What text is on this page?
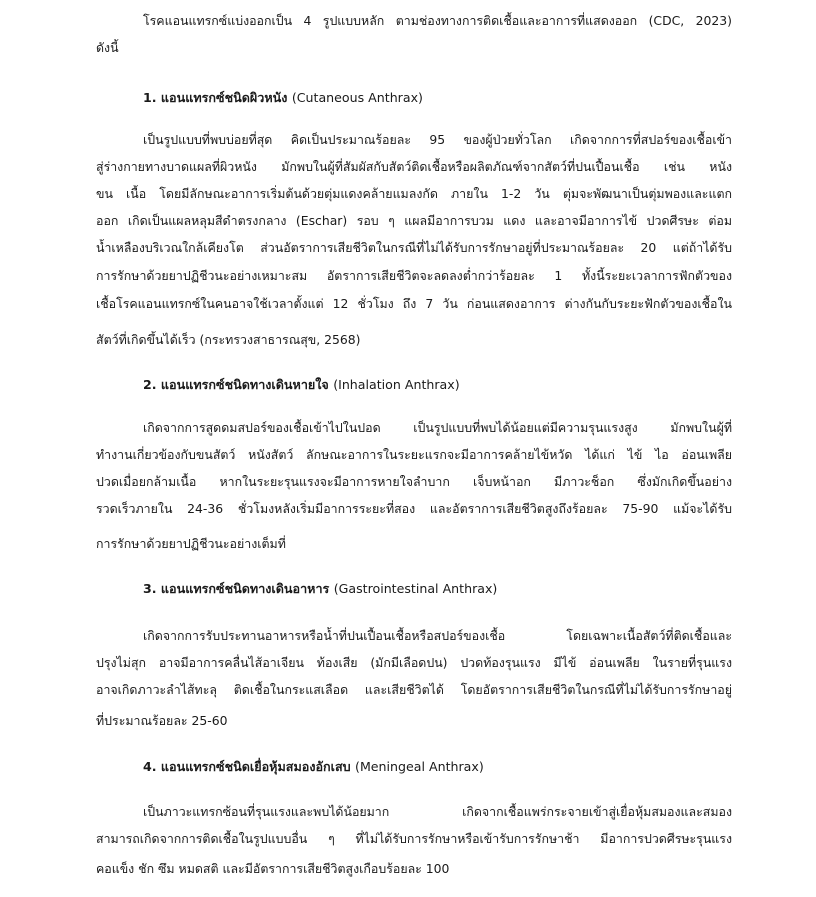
โรคแอนแทรกซ์แบ่งออกเป็น 4 รูปแบบหลัก ตามช่องทางการติดเชื้อและอาการที่แสดงออก (CDC, 2023)
ดังนี้
1. แอนแทรกซ์ชนิดผิวหนัง (Cutaneous Anthrax)
เป็นรูปแบบที่พบบ่อยที่สุด คิดเป็นประมาณร้อยละ 95 ของผู้ป่วยทั่วโลก เกิดจากการที่สปอร์ของเชื้อเข้า
สู่ร่างกายทางบาดแผลที่ผิวหนัง มักพบในผู้ที่สัมผัสกับสัตว์ติดเชื้อหรือผลิตภัณฑ์จากสัตว์ที่ปนเปื้อนเชื้อ เช่น หนัง
ขน เนื้อ โดยมีลักษณะอาการเริ่มต้นด้วยตุ่มแดงคล้ายแมลงกัด ภายใน 1-2 วัน ตุ่มจะพัฒนาเป็นตุ่มพองและแตก
ออก เกิดเป็นแผลหลุมสีดำตรงกลาง (Eschar) รอบ ๆ แผลมีอาการบวม แดง และอาจมีอาการไข้ ปวดศีรษะ ต่อม
น้ำเหลืองบริเวณใกล้เคียงโต ส่วนอัตราการเสียชีวิตในกรณีที่ไม่ได้รับการรักษาอยู่ที่ประมาณร้อยละ 20 แต่ถ้าได้รับ
การรักษาด้วยยาปฏิชีวนะอย่างเหมาะสม อัตราการเสียชีวิตจะลดลงต่ำกว่าร้อยละ 1 ทั้งนี้ระยะเวลาการฟักตัวของ
เชื้อโรคแอนแทรกซ์ในคนอาจใช้เวลาตั้งแต่ 12 ชั่วโมง ถึง 7 วัน ก่อนแสดงอาการ ต่างกันกับระยะฟักตัวของเชื้อใน
สัตว์ที่เกิดขึ้นได้เร็ว (กระทรวงสาธารณสุข, 2568)
2. แอนแทรกซ์ชนิดทางเดินหายใจ (Inhalation Anthrax)
เกิดจากการสูดดมสปอร์ของเชื้อเข้าไปในปอด เป็นรูปแบบที่พบได้น้อยแต่มีความรุนแรงสูง มักพบในผู้ที่
ทำงานเกี่ยวข้องกับขนสัตว์ หนังสัตว์ ลักษณะอาการในระยะแรกจะมีอาการคล้ายไข้หวัด ได้แก่ ไข้ ไอ อ่อนเพลีย
ปวดเมื่อยกล้ามเนื้อ หากในระยะรุนแรงจะมีอาการหายใจลำบาก เจ็บหน้าอก มีภาวะช็อก ซึ่งมักเกิดขึ้นอย่าง
รวดเร็วภายใน 24-36 ชั่วโมงหลังเริ่มมีอาการระยะที่สอง และอัตราการเสียชีวิตสูงถึงร้อยละ 75-90 แม้จะได้รับ
การรักษาด้วยยาปฏิชีวนะอย่างเต็มที่
3. แอนแทรกซ์ชนิดทางเดินอาหาร (Gastrointestinal Anthrax)
เกิดจากการรับประทานอาหารหรือน้ำที่ปนเปื้อนเชื้อหรือสปอร์ของเชื้อ โดยเฉพาะเนื้อสัตว์ที่ติดเชื้อและ
ปรุงไม่สุก อาจมีอาการคลื่นไส้อาเจียน ท้องเสีย (มักมีเลือดปน) ปวดท้องรุนแรง มีไข้ อ่อนเพลีย ในรายที่รุนแรง
อาจเกิดภาวะลำไส้ทะลุ ติดเชื้อในกระแสเลือด และเสียชีวิตได้ โดยอัตราการเสียชีวิตในกรณีที่ไม่ได้รับการรักษาอยู่
ที่ประมาณร้อยละ 25-60
4. แอนแทรกซ์ชนิดเยื่อหุ้มสมองอักเสบ (Meningeal Anthrax)
เป็นภาวะแทรกซ้อนที่รุนแรงและพบได้น้อยมาก เกิดจากเชื้อแพร่กระจายเข้าสู่เยื่อหุ้มสมองและสมอง
สามารถเกิดจากการติดเชื้อในรูปแบบอื่น ๆ ที่ไม่ได้รับการรักษาหรือเข้ารับการรักษาช้า มีอาการปวดศีรษะรุนแรง
คอแข็ง ชัก ซึม หมดสติ และมีอัตราการเสียชีวิตสูงเกือบร้อยละ 100
